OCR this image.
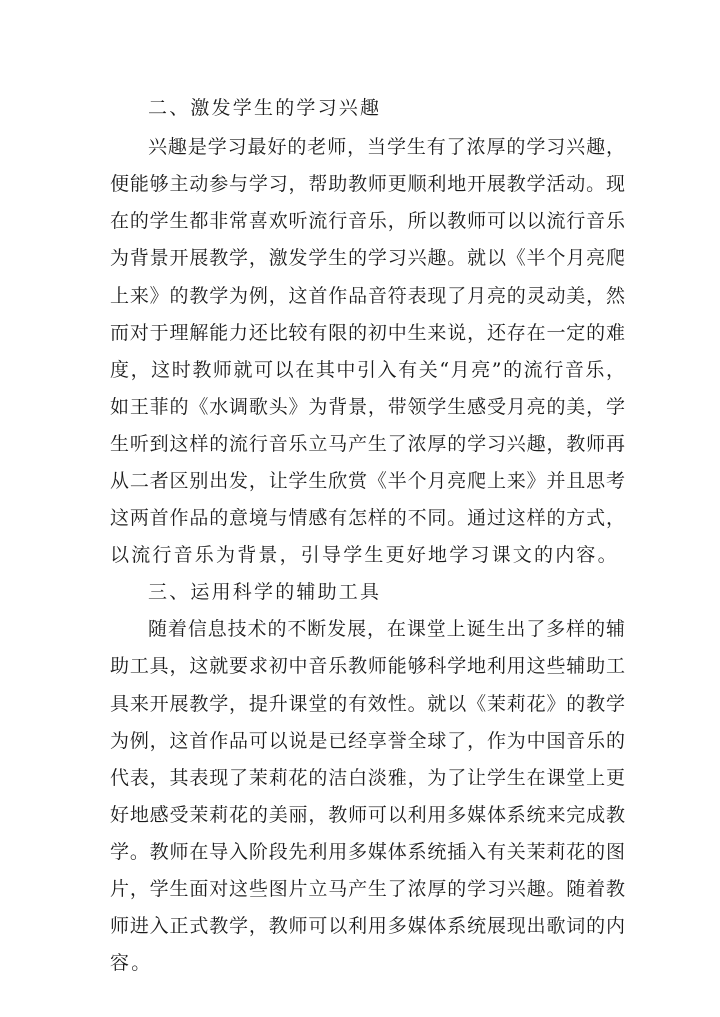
二、激发学生的学习兴趣
兴趣是学习最好的老师，当学生有了浓厚的学习兴趣，
便能够主动参与学习，帮助教师更顺利地开展教学活动。现
在的学生都非常喜欢听流行音乐，所以教师可以以流行音乐
为背景开展教学，激发学生的学习兴趣。就以《半个月亮爬
上来》的教学为例，这首作品音符表现了月亮的灵动美，然
而对于理解能力还比较有限的初中生来说，还存在一定的难
度，这时教师就可以在其中引入有关“月亮”的流行音乐，
如王菲的《水调歌头》为背景，带领学生感受月亮的美，学
生听到这样的流行音乐立马产生了浓厚的学习兴趣，教师再
从二者区别出发，让学生欣赏《半个月亮爬上来》并且思考
这两首作品的意境与情感有怎样的不同。通过这样的方式，
以流行音乐为背景，引导学生更好地学习课文的内容。
三、运用科学的辅助工具
随着信息技术的不断发展，在课堂上诞生出了多样的辅
助工具，这就要求初中音乐教师能够科学地利用这些辅助工
具来开展教学，提升课堂的有效性。就以《茉莉花》的教学
为例，这首作品可以说是已经享誉全球了，作为中国音乐的
代表，其表现了茉莉花的洁白淡雅，为了让学生在课堂上更
好地感受茉莉花的美丽，教师可以利用多媒体系统来完成教
学。教师在导入阶段先利用多媒体系统插入有关茉莉花的图
片，学生面对这些图片立马产生了浓厚的学习兴趣。随着教
师进入正式教学，教师可以利用多媒体系统展现出歌词的内
容。
